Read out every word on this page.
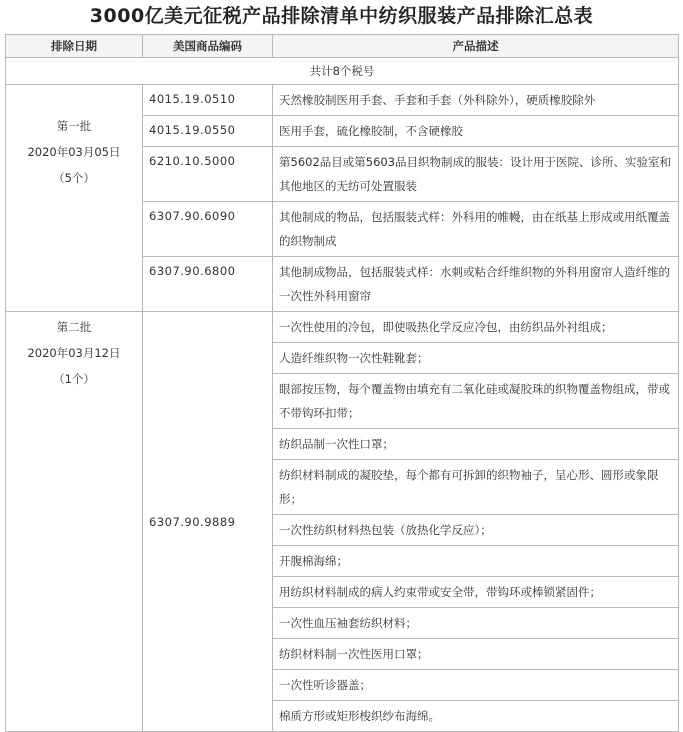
3000亿美元征税产品排除清单中纺织服装产品排除汇总表
排除日期	美国商品编码	产品描述
共计8个税号		

第一批
2020年03月05日
（5个）	4015.19.0510	天然橡胶制医用手套、手套和手套（外科除外），硬质橡胶除外
	4015.19.0550	医用手套，硫化橡胶制，不含硬橡胶
	6210.10.5000	第5602品目或第5603品目织物制成的服装：设计用于医院、诊所、实验室和其他地区的无纺可处置服装
	6307.90.6090	其他制成的物品，包括服装式样：外科用的帷幔，由在纸基上形成或用纸覆盖的织物制成
	6307.90.6800	其他制成物品，包括服装式样：水刺或粘合纤维织物的外科用窗帘人造纤维的一次性外科用窗帘

第二批
2020年03月12日
（1个）	6307.90.9889	一次性使用的冷包，即使吸热化学反应冷包，由纺织品外衬组成；
		人造纤维织物一次性鞋靴套；
		眼部按压物，每个覆盖物由填充有二氧化硅或凝胶珠的织物覆盖物组成，带或不带钩环扣带；
		纺织品制一次性口罩；
		纺织材料制成的凝胶垫，每个都有可拆卸的织物袖子，呈心形、圆形或象限形；
		一次性纺织材料热包装（放热化学反应）；
		开腹棉海绵；
		用纺织材料制成的病人约束带或安全带，带钩环或棒锁紧固件；
		一次性血压袖套纺织材料；
		纺织材料制一次性医用口罩；
		一次性听诊器盖；
		棉质方形或矩形梭织纱布海绵。
